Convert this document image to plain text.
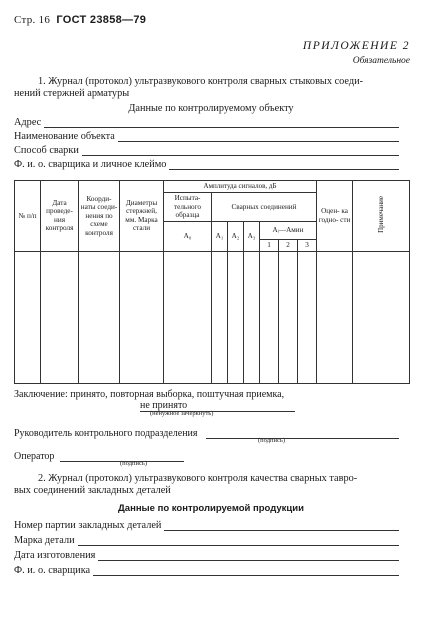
Стр. 16 ГОСТ 23858—79
ПРИЛОЖЕНИЕ 2
Обязательное
1. Журнал (протокол) ультразвукового контроля сварных стыковых соеди-
нений стержней арматуры
Данные по контролируемому объекту
Адрес
Наименование объекта
Способ сварки
Ф. и. о. сварщика и личное клеймо
№ п/п	Дата проведе- ния контроля	Коорди- наты соеди- нения по схеме контроля	Диаметры стержней, мм. Марка стали	Амплитуда сигналов, дБ							Оцен- ка годно- сти	Примечание
				Испыта- тельного образца	Сварных соединений							
				A₀	A₁	A₂	A₃	Aᵢ—Aмин				
								1	2	3		

Заключение: принято, повторная выборка, поштучная приемка,
не принято
(ненужное зачеркнуть)
Руководитель контрольного подразделения
(подпись)
Оператор
(подпись)
2. Журнал (протокол) ультразвукового контроля качества сварных тавро-
вых соединений закладных деталей
Данные по контролируемой продукции
Номер партии закладных деталей
Марка детали
Дата изготовления
Ф. и. о. сварщика
